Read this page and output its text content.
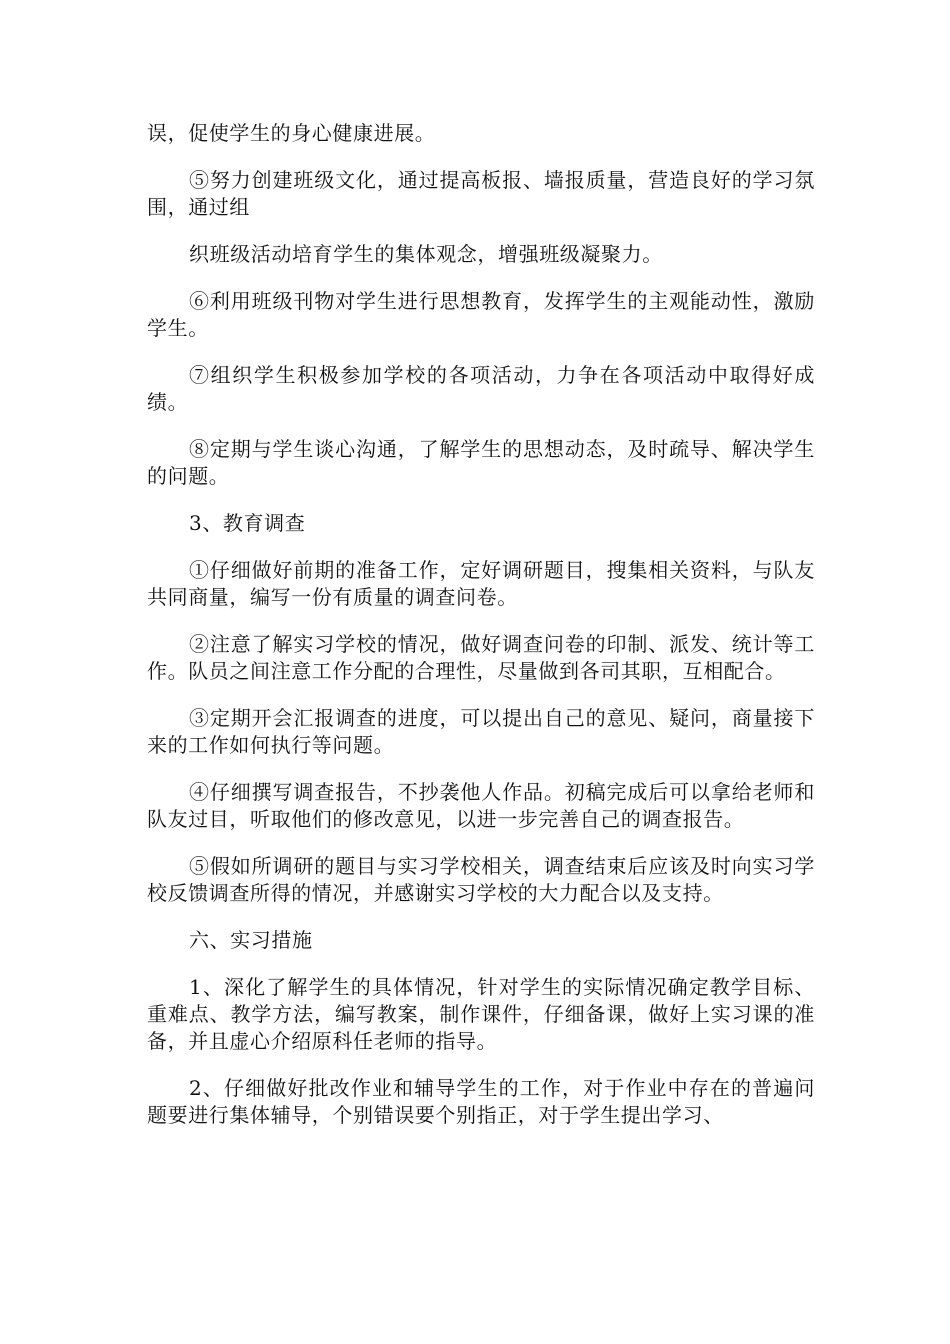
误，促使学生的身心健康进展。

⑤努力创建班级文化，通过提高板报、墙报质量，营造良好的学习氛围，通过组

织班级活动培育学生的集体观念，增强班级凝聚力。

⑥利用班级刊物对学生进行思想教育，发挥学生的主观能动性，激励学生。

⑦组织学生积极参加学校的各项活动，力争在各项活动中取得好成绩。

⑧定期与学生谈心沟通，了解学生的思想动态，及时疏导、解决学生的问题。

3、教育调查

①仔细做好前期的准备工作，定好调研题目，搜集相关资料，与队友共同商量，编写一份有质量的调查问卷。

②注意了解实习学校的情况，做好调查问卷的印制、派发、统计等工作。队员之间注意工作分配的合理性，尽量做到各司其职，互相配合。

③定期开会汇报调查的进度，可以提出自己的意见、疑问，商量接下来的工作如何执行等问题。

④仔细撰写调查报告，不抄袭他人作品。初稿完成后可以拿给老师和队友过目，听取他们的修改意见，以进一步完善自己的调查报告。

⑤假如所调研的题目与实习学校相关，调查结束后应该及时向实习学校反馈调查所得的情况，并感谢实习学校的大力配合以及支持。

六、实习措施

1、深化了解学生的具体情况，针对学生的实际情况确定教学目标、重难点、教学方法，编写教案，制作课件，仔细备课，做好上实习课的准备，并且虚心介绍原科任老师的指导。

2、仔细做好批改作业和辅导学生的工作，对于作业中存在的普遍问题要进行集体辅导，个别错误要个别指正，对于学生提出学习、
